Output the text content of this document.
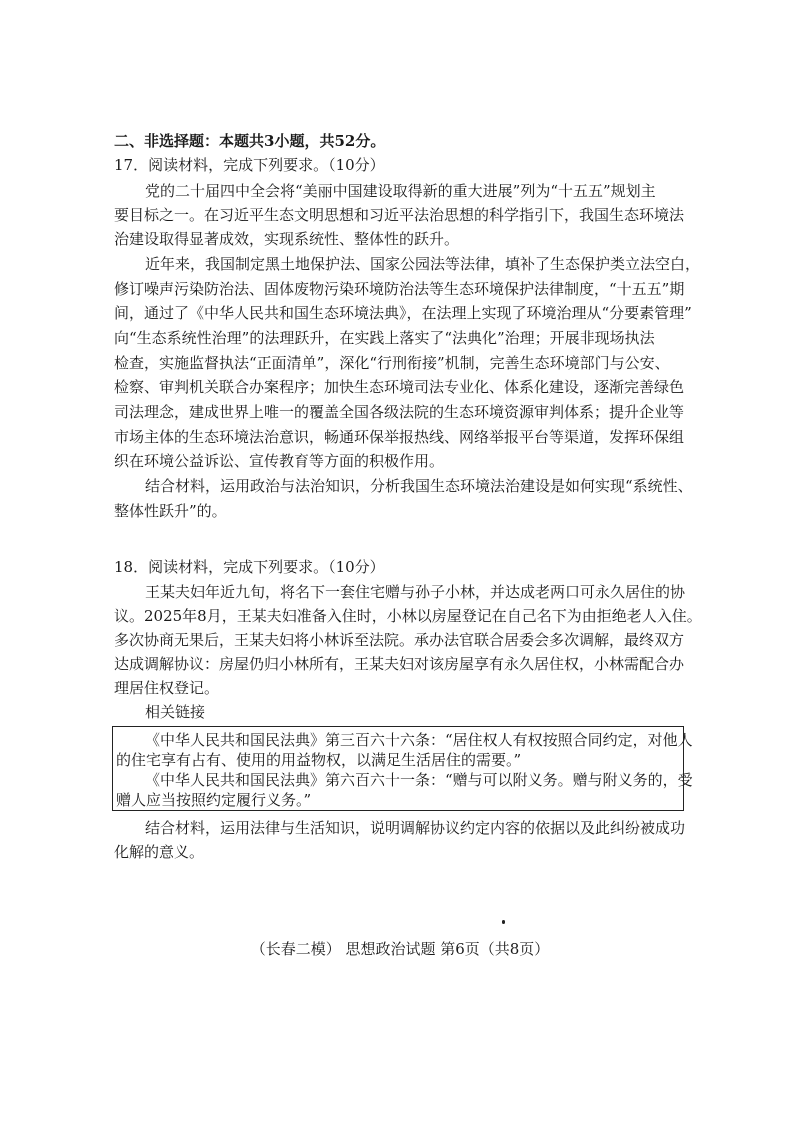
二、非选择题：本题共3小题，共52分。
17．阅读材料，完成下列要求。（10分）
党的二十届四中全会将“美丽中国建设取得新的重大进展”列为“十五五”规划主
要目标之一。在习近平生态文明思想和习近平法治思想的科学指引下，我国生态环境法
治建设取得显著成效，实现系统性、整体性的跃升。
近年来，我国制定黑土地保护法、国家公园法等法律，填补了生态保护类立法空白，
修订噪声污染防治法、固体废物污染环境防治法等生态环境保护法律制度，“十五五”期
间，通过了《中华人民共和国生态环境法典》，在法理上实现了环境治理从“分要素管理”
向“生态系统性治理”的法理跃升，在实践上落实了“法典化”治理；开展非现场执法
检查，实施监督执法“正面清单”，深化“行刑衔接”机制，完善生态环境部门与公安、
检察、审判机关联合办案程序；加快生态环境司法专业化、体系化建设，逐渐完善绿色
司法理念，建成世界上唯一的覆盖全国各级法院的生态环境资源审判体系；提升企业等
市场主体的生态环境法治意识，畅通环保举报热线、网络举报平台等渠道，发挥环保组
织在环境公益诉讼、宣传教育等方面的积极作用。
结合材料，运用政治与法治知识，分析我国生态环境法治建设是如何实现“系统性、
整体性跃升”的。
18．阅读材料，完成下列要求。（10分）
王某夫妇年近九旬，将名下一套住宅赠与孙子小林，并达成老两口可永久居住的协
议。2025年8月，王某夫妇准备入住时，小林以房屋登记在自己名下为由拒绝老人入住。
多次协商无果后，王某夫妇将小林诉至法院。承办法官联合居委会多次调解，最终双方
达成调解协议：房屋仍归小林所有，王某夫妇对该房屋享有永久居住权，小林需配合办
理居住权登记。
相关链接
《中华人民共和国民法典》第三百六十六条：“居住权人有权按照合同约定，对他人
的住宅享有占有、使用的用益物权，以满足生活居住的需要。”
《中华人民共和国民法典》第六百六十一条：“赠与可以附义务。赠与附义务的，受
赠人应当按照约定履行义务。”
结合材料，运用法律与生活知识，说明调解协议约定内容的依据以及此纠纷被成功
化解的意义。
（长春二模） 思想政治试题 第6页（共8页）
